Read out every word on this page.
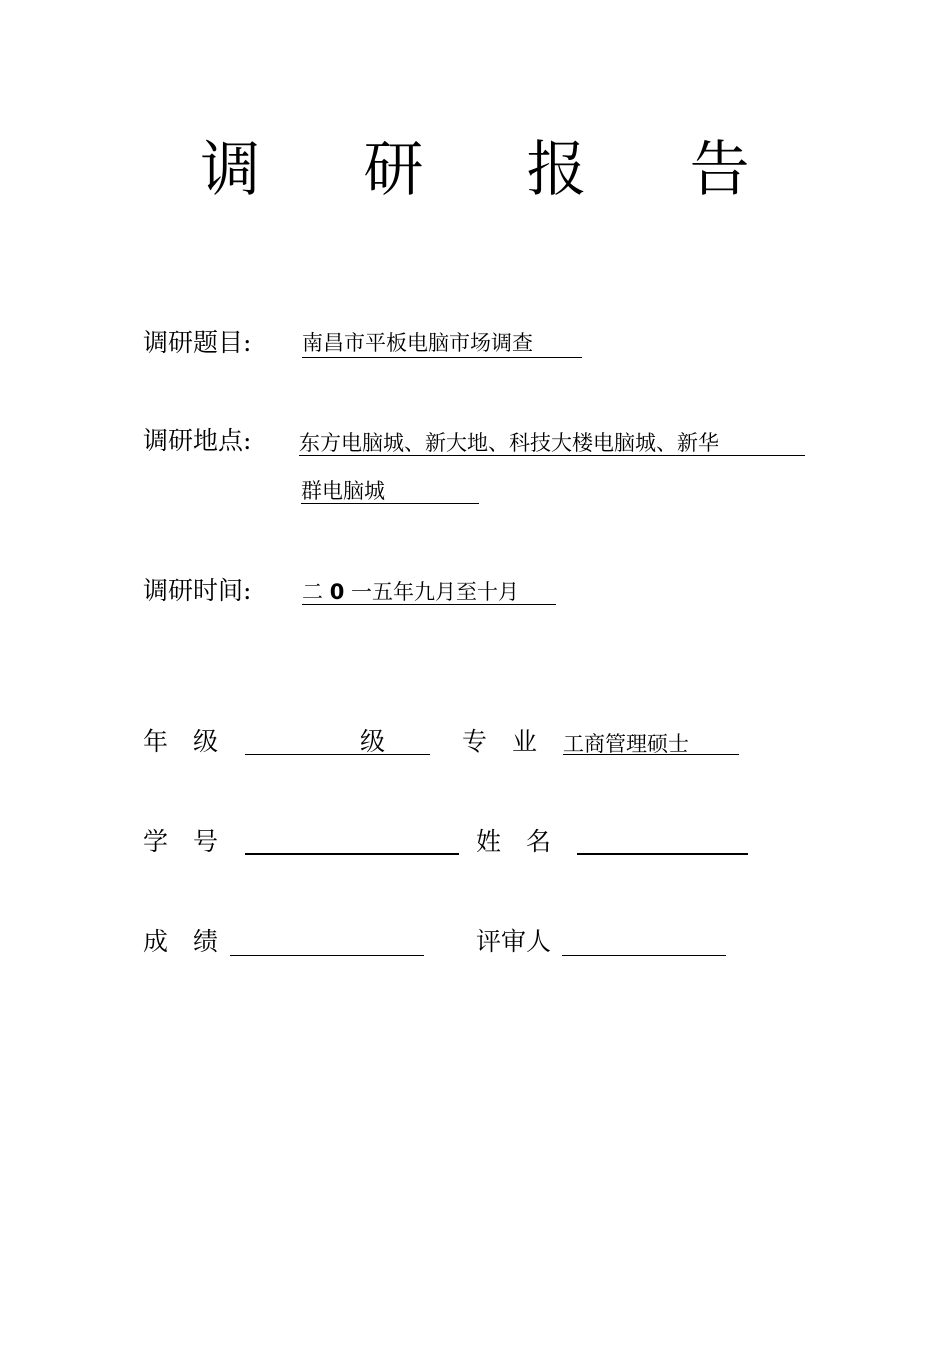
调 研 报 告
调研题目: 南昌市平板电脑市场调查
调研地点: 东方电脑城、新大地、科技大楼电脑城、新华
群电脑城
调研时间: 二 0 一五年九月至十月
年　级	级	专　业 工商管理硕士
学　号	姓　名
成　绩	评审人
